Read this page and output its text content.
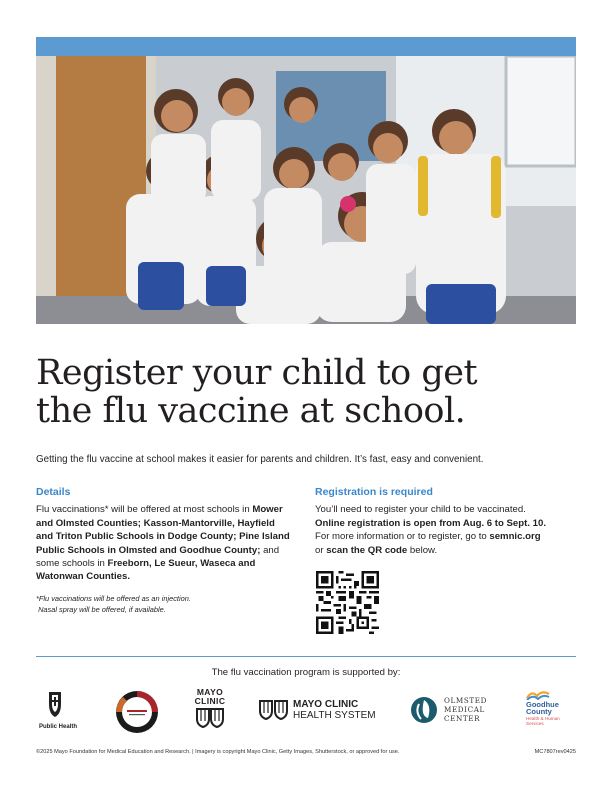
Register your child to get
the flu vaccine at school.
Getting the flu vaccine at school makes it easier for parents and children. It’s fast, easy and convenient.
Details

Flu vaccinations* will be offered at most schools in Mower and Olmsted Counties; Kasson-Mantorville, Hayfield and Triton Public Schools in Dodge County; Pine Island Public Schools in Olmsted and Goodhue County; and some schools in Freeborn, Le Sueur, Waseca and Watonwan Counties.

*Flu vaccinations will be offered as an injection.
Nasal spray will be offered, if available.

Registration is required

You’ll need to register your child to be vaccinated.
Online registration is open from Aug. 6 to Sept. 10.
For more information or to register, go to semnic.org
or scan the QR code below.

The flu vaccination program is supported by:
Public Health
MAYO
CLINIC	MAYO CLINIC
HEALTH SYSTEM
OLMSTED
MEDICAL
CENTER
Goodhue
County
Health & Human
Services
©2025 Mayo Foundation for Medical Education and Research. | Imagery is copyright Mayo Clinic, Getty Images, Shutterstock, or approved for use.	MC7807rev0425
